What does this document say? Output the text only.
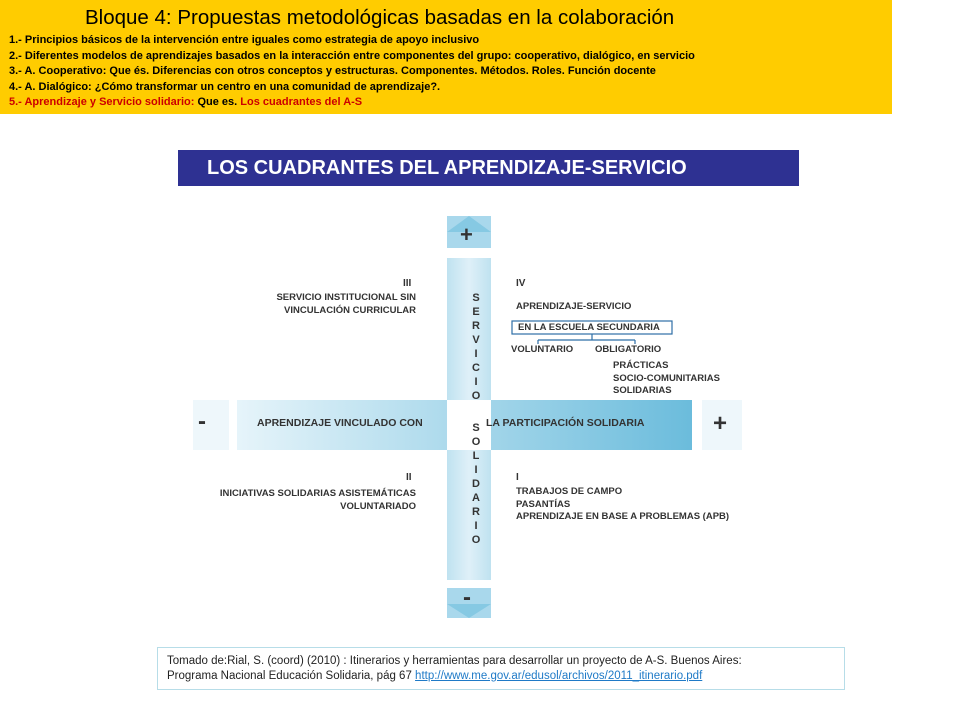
Bloque 4: Propuestas metodológicas basadas en la colaboración
1.- Principios básicos de la intervención entre iguales como estrategia de apoyo inclusivo
2.- Diferentes modelos de aprendizajes basados en la interacción entre componentes del grupo: cooperativo, dialógico, en servicio
3.- A. Cooperativo: Que és. Diferencias con otros conceptos y estructuras. Componentes. Métodos. Roles. Función docente
4.- A. Dialógico: ¿Cómo transformar un centro en una comunidad de aprendizaje?.
5.- Aprendizaje y Servicio solidario: Que es. Los cuadrantes del A-S
LOS CUADRANTES DEL APRENDIZAJE-SERVICIO
+
-
-	+
S
E
R
V
I
C
I
O
S
O
L
I
D
A
R
I
O
APRENDIZAJE VINCULADO CON	LA PARTICIPACIÓN SOLIDARIA
III
SERVICIO INSTITUCIONAL SIN
VINCULACIÓN CURRICULAR
IV
APRENDIZAJE-SERVICIO
EN LA ESCUELA SECUNDARIA
VOLUNTARIO OBLIGATORIO
PRÁCTICAS
SOCIO-COMUNITARIAS
SOLIDARIAS
II
INICIATIVAS SOLIDARIAS ASISTEMÁTICAS
VOLUNTARIADO
I
TRABAJOS DE CAMPO
PASANTÍAS
APRENDIZAJE EN BASE A PROBLEMAS (APB)
Tomado de:Rial, S. (coord) (2010) : Itinerarios y herramientas para desarrollar un proyecto de A-S. Buenos Aires:
Programa Nacional Educación Solidaria, pág 67 http://www.me.gov.ar/edusol/archivos/2011_itinerario.pdf
